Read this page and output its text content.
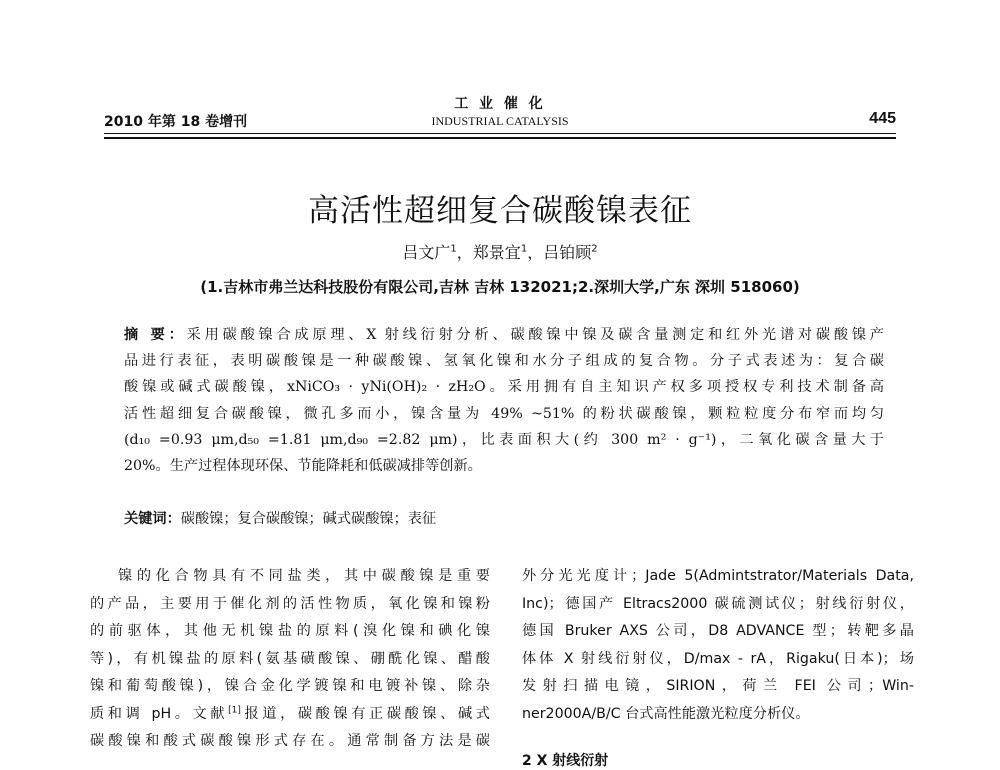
2010 年第 18 卷增刊
工 业 催 化
INDUSTRIAL CATALYSIS	445
高活性超细复合碳酸镍表征
吕文广$^1$，郑景宜$^1$，吕铂顾$^2$
(1.吉林市弗兰达科技股份有限公司,吉林 吉林 132021;2.深圳大学,广东 深圳 518060)
摘 要：采用碳酸镍合成原理、X 射线衍射分析、碳酸镍中镍及碳含量测定和红外光谱对碳酸镍产
品进行表征，表明碳酸镍是一种碳酸镍、氢氧化镍和水分子组成的复合物。分子式表述为：复合碳
酸镍或碱式碳酸镍，xNiCO₃ · yNi(OH)₂ · zH₂O。采用拥有自主知识产权多项授权专利技术制备高
活性超细复合碳酸镍，微孔多而小，镍含量为 49% ~51% 的粉状碳酸镍，颗粒粒度分布窄而均匀
(d₁₀ =0.93 μm,d₅₀ =1.81 μm,d₉₀ =2.82 μm)，比表面积大(约 300 m² · g⁻¹)，二氧化碳含量大于
20%。生产过程体现环保、节能降耗和低碳减排等创新。
关键词：碳酸镍；复合碳酸镍；碱式碳酸镍；表征
镍的化合物具有不同盐类，其中碳酸镍是重要
的产品，主要用于催化剂的活性物质，氧化镍和镍粉
的前驱体，其他无机镍盐的原料(溴化镍和碘化镍
等)，有机镍盐的原料(氨基磺酸镍、硼酰化镍、醋酸
镍和葡萄酸镍)，镍合金化学镀镍和电镀补镍、除杂
质和调 pH。文献[1]报道，碳酸镍有正碳酸镍、碱式
碳酸镍和酸式碳酸镍形式存在。通常制备方法是碳
外分光光度计；Jade 5(Admintstrator/Materials Data,
Inc)；德国产 Eltracs2000 碳硫测试仪；射线衍射仪，
德国 Bruker AXS 公司，D8 ADVANCE 型；转靶多晶
体体 X 射线衍射仪，D/max - rA，Rigaku(日本)；场
发射扫描电镜，SIRION，荷兰 FEI 公司；Win-
ner2000A/B/C 台式高性能激光粒度分析仪。
2 X 射线衍射
